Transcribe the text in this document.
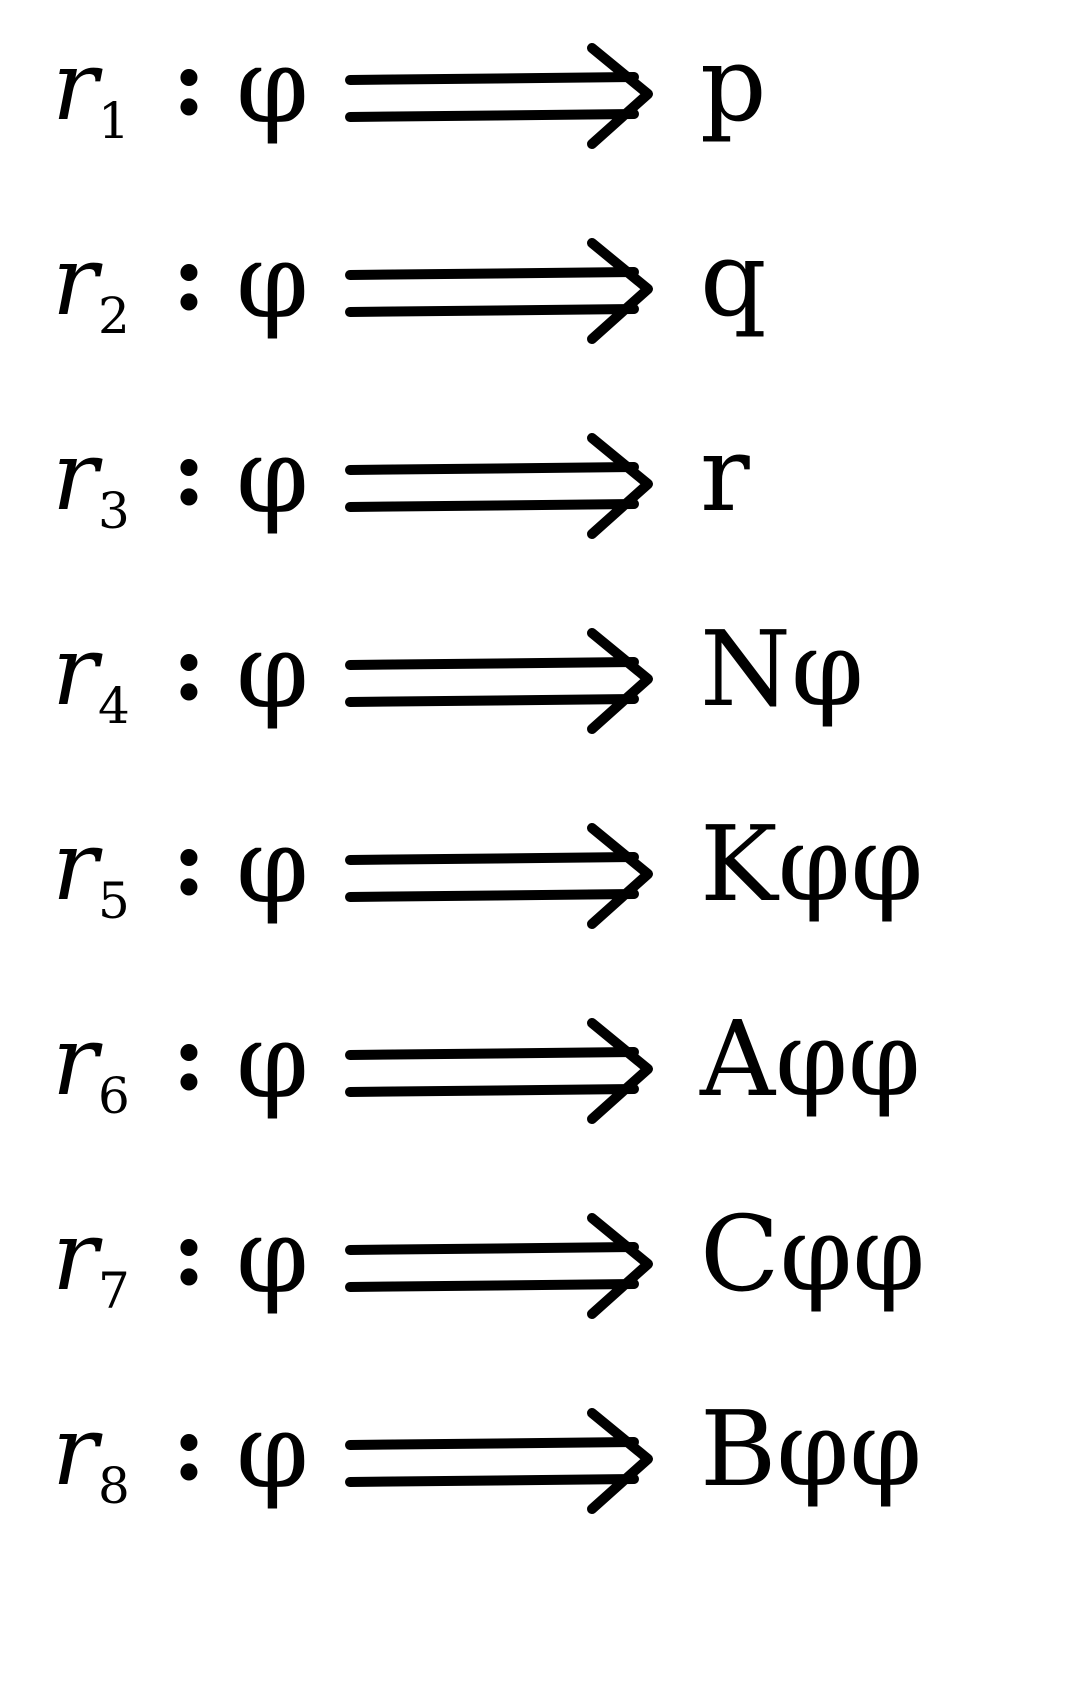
r 1 : φ	p
r 2 : φ	q
r 3 : φ	r
r 4 : φ	Nφ
r 5 : φ	Kφφ
r 6 : φ	Aφφ
r 7 : φ	Cφφ
r 8 : φ	Bφφ
